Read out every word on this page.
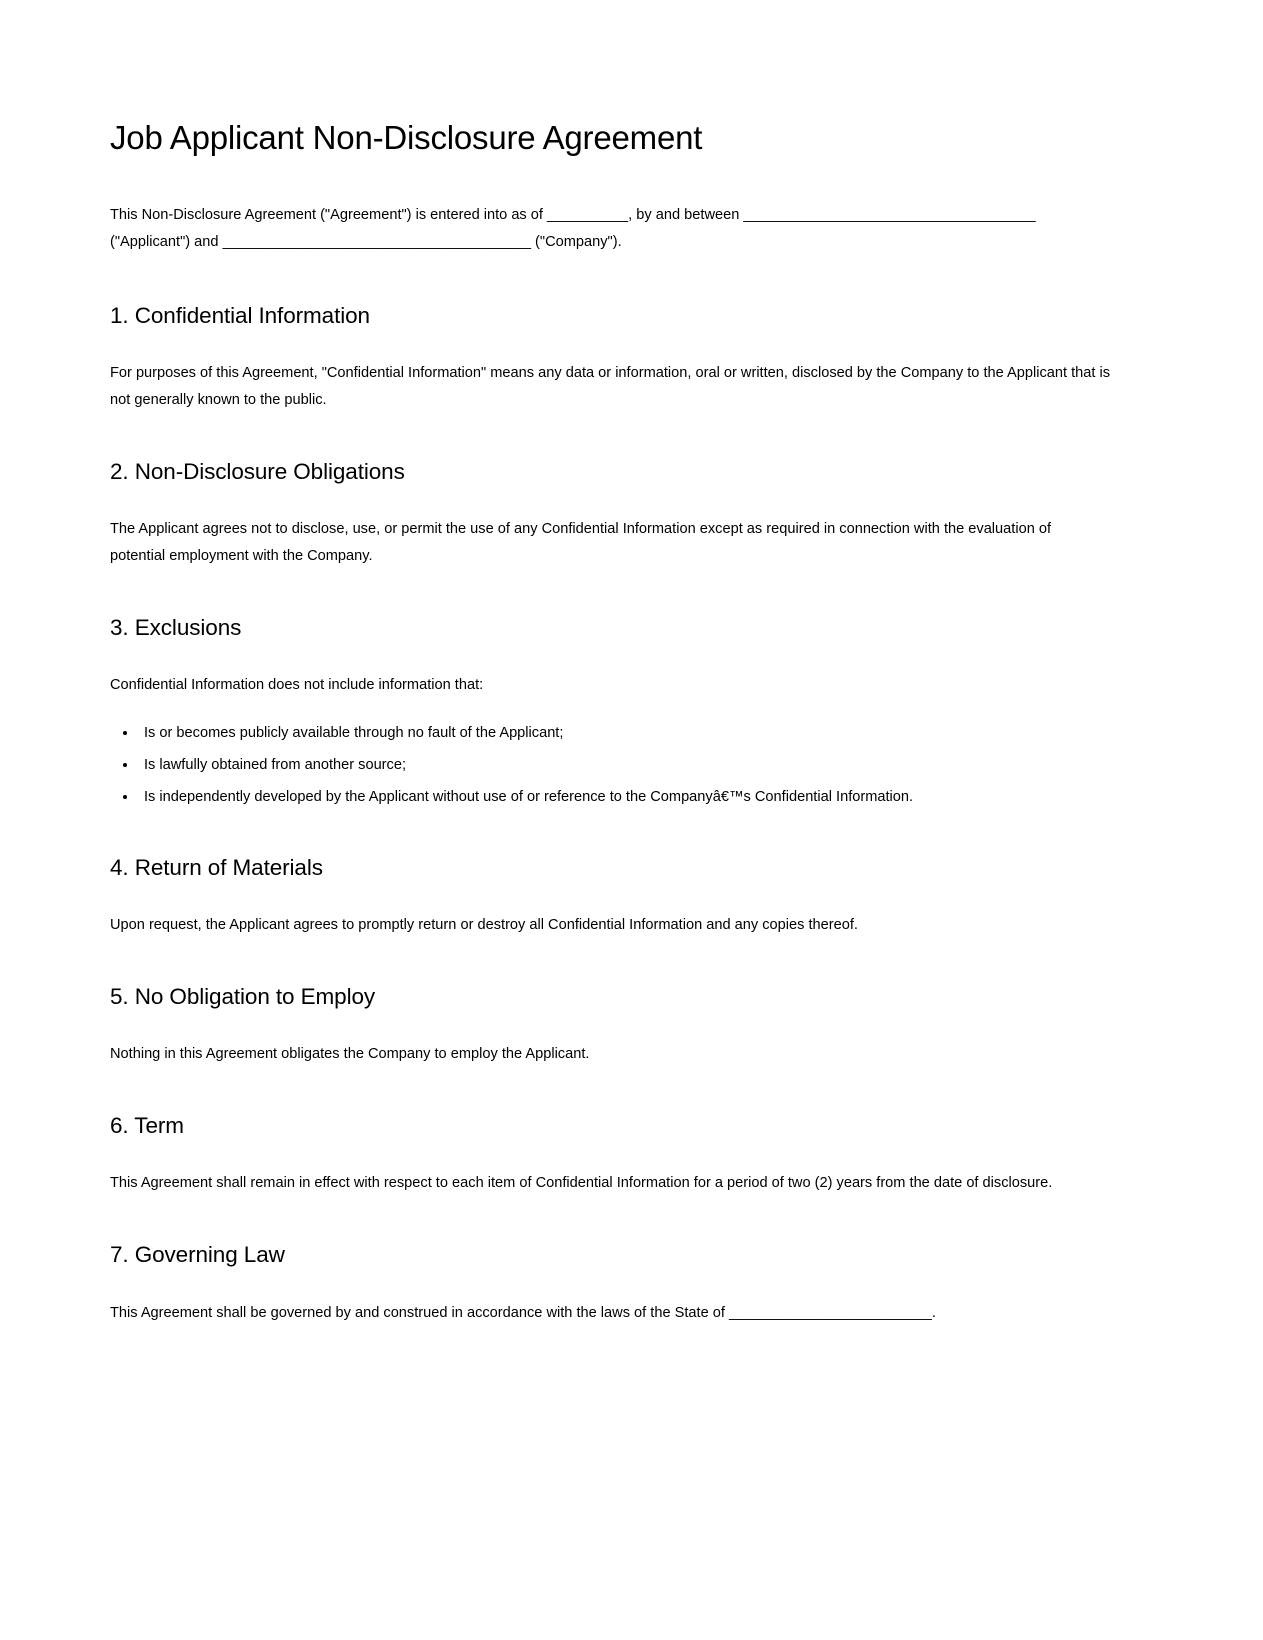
Job Applicant Non-Disclosure Agreement

This Non-Disclosure Agreement ("Agreement") is entered into as of __________, by and between ____________________________________ ("Applicant") and ______________________________________ ("Company").

1. Confidential Information

For purposes of this Agreement, "Confidential Information" means any data or information, oral or written, disclosed by the Company to the Applicant that is not generally known to the public.

2. Non-Disclosure Obligations

The Applicant agrees not to disclose, use, or permit the use of any Confidential Information except as required in connection with the evaluation of potential employment with the Company.

3. Exclusions

Confidential Information does not include information that:

• Is or becomes publicly available through no fault of the Applicant;
• Is lawfully obtained from another source;
• Is independently developed by the Applicant without use of or reference to the Companyâ€™s Confidential Information.
4. Return of Materials

Upon request, the Applicant agrees to promptly return or destroy all Confidential Information and any copies thereof.

5. No Obligation to Employ

Nothing in this Agreement obligates the Company to employ the Applicant.

6. Term

This Agreement shall remain in effect with respect to each item of Confidential Information for a period of two (2) years from the date of disclosure.

7. Governing Law

This Agreement shall be governed by and construed in accordance with the laws of the State of _________________________.
